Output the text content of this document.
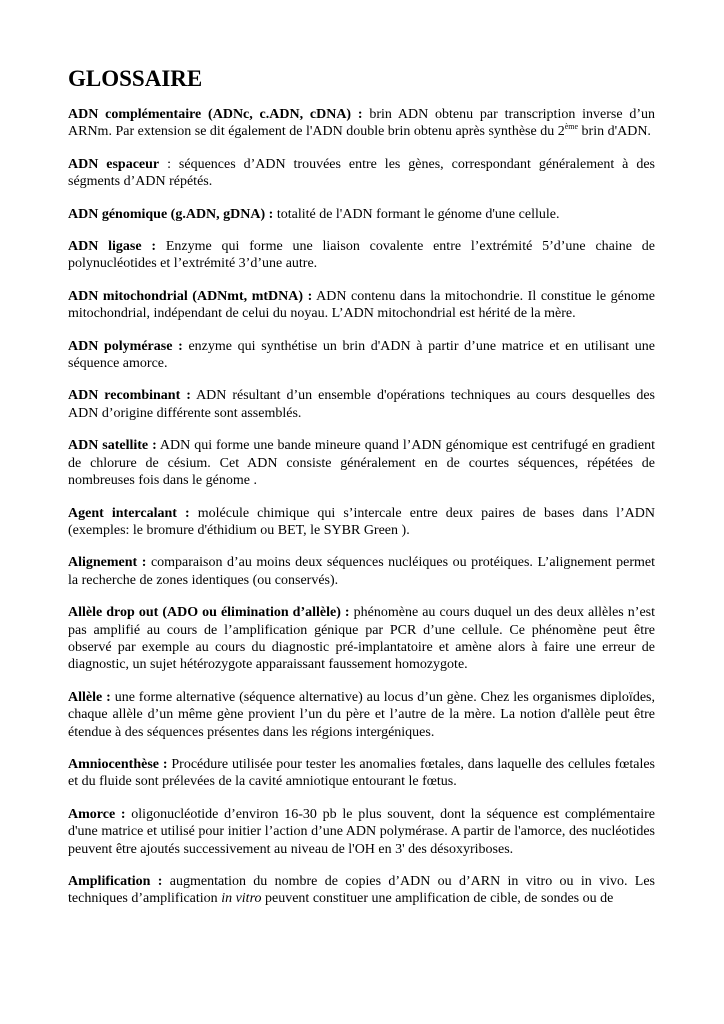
GLOSSAIRE

ADN complémentaire (ADNc, c.ADN, cDNA) : brin ADN obtenu par transcription inverse d’un ARNm. Par extension se dit également de l'ADN double brin obtenu après synthèse du 2ème brin d'ADN.

ADN espaceur : séquences d’ADN trouvées entre les gènes, correspondant généralement à des ségments d’ADN répétés.

ADN génomique (g.ADN, gDNA) : totalité de l'ADN formant le génome d'une cellule.

ADN ligase : Enzyme qui forme une liaison covalente entre l’extrémité 5’d’une chaine de polynucléotides et l’extrémité 3’d’une autre.

ADN mitochondrial (ADNmt, mtDNA) : ADN contenu dans la mitochondrie. Il constitue le génome mitochondrial, indépendant de celui du noyau. L’ADN mitochondrial est hérité de la mère.

ADN polymérase : enzyme qui synthétise un brin d'ADN à partir d’une matrice et en utilisant une séquence amorce.

ADN recombinant : ADN résultant d’un ensemble d'opérations techniques au cours desquelles des ADN d’origine différente sont assemblés.

ADN satellite : ADN qui forme une bande mineure quand l’ADN génomique est centrifugé en gradient de chlorure de césium. Cet ADN consiste généralement en de courtes séquences, répétées de nombreuses fois dans le génome .

Agent intercalant : molécule chimique qui s’intercale entre deux paires de bases dans l’ADN (exemples: le bromure d'éthidium ou BET, le SYBR Green ).

Alignement : comparaison d’au moins deux séquences nucléiques ou protéiques. L’alignement permet la recherche de zones identiques (ou conservés).

Allèle drop out (ADO ou élimination d’allèle) : phénomène au cours duquel un des deux allèles n’est pas amplifié au cours de l’amplification génique par PCR d’une cellule. Ce phénomène peut être observé par exemple au cours du diagnostic pré-implantatoire et amène alors à faire une erreur de diagnostic, un sujet hétérozygote apparaissant faussement homozygote.

Allèle : une forme alternative (séquence alternative) au locus d’un gène. Chez les organismes diploïdes, chaque allèle d’un même gène provient l’un du père et l’autre de la mère. La notion d'allèle peut être étendue à des séquences présentes dans les régions intergéniques.

Amniocenthèse : Procédure utilisée pour tester les anomalies fœtales, dans laquelle des cellules fœtales et du fluide sont prélevées de la cavité amniotique entourant le fœtus.

Amorce : oligonucléotide d’environ 16-30 pb le plus souvent, dont la séquence est complémentaire d'une matrice et utilisé pour initier l’action d’une ADN polymérase. A partir de l'amorce, des nucléotides peuvent être ajoutés successivement au niveau de l'OH en 3' des désoxyriboses.

Amplification : augmentation du nombre de copies d’ADN ou d’ARN in vitro ou in vivo. Les techniques d’amplification in vitro peuvent constituer une amplification de cible, de sondes ou de
